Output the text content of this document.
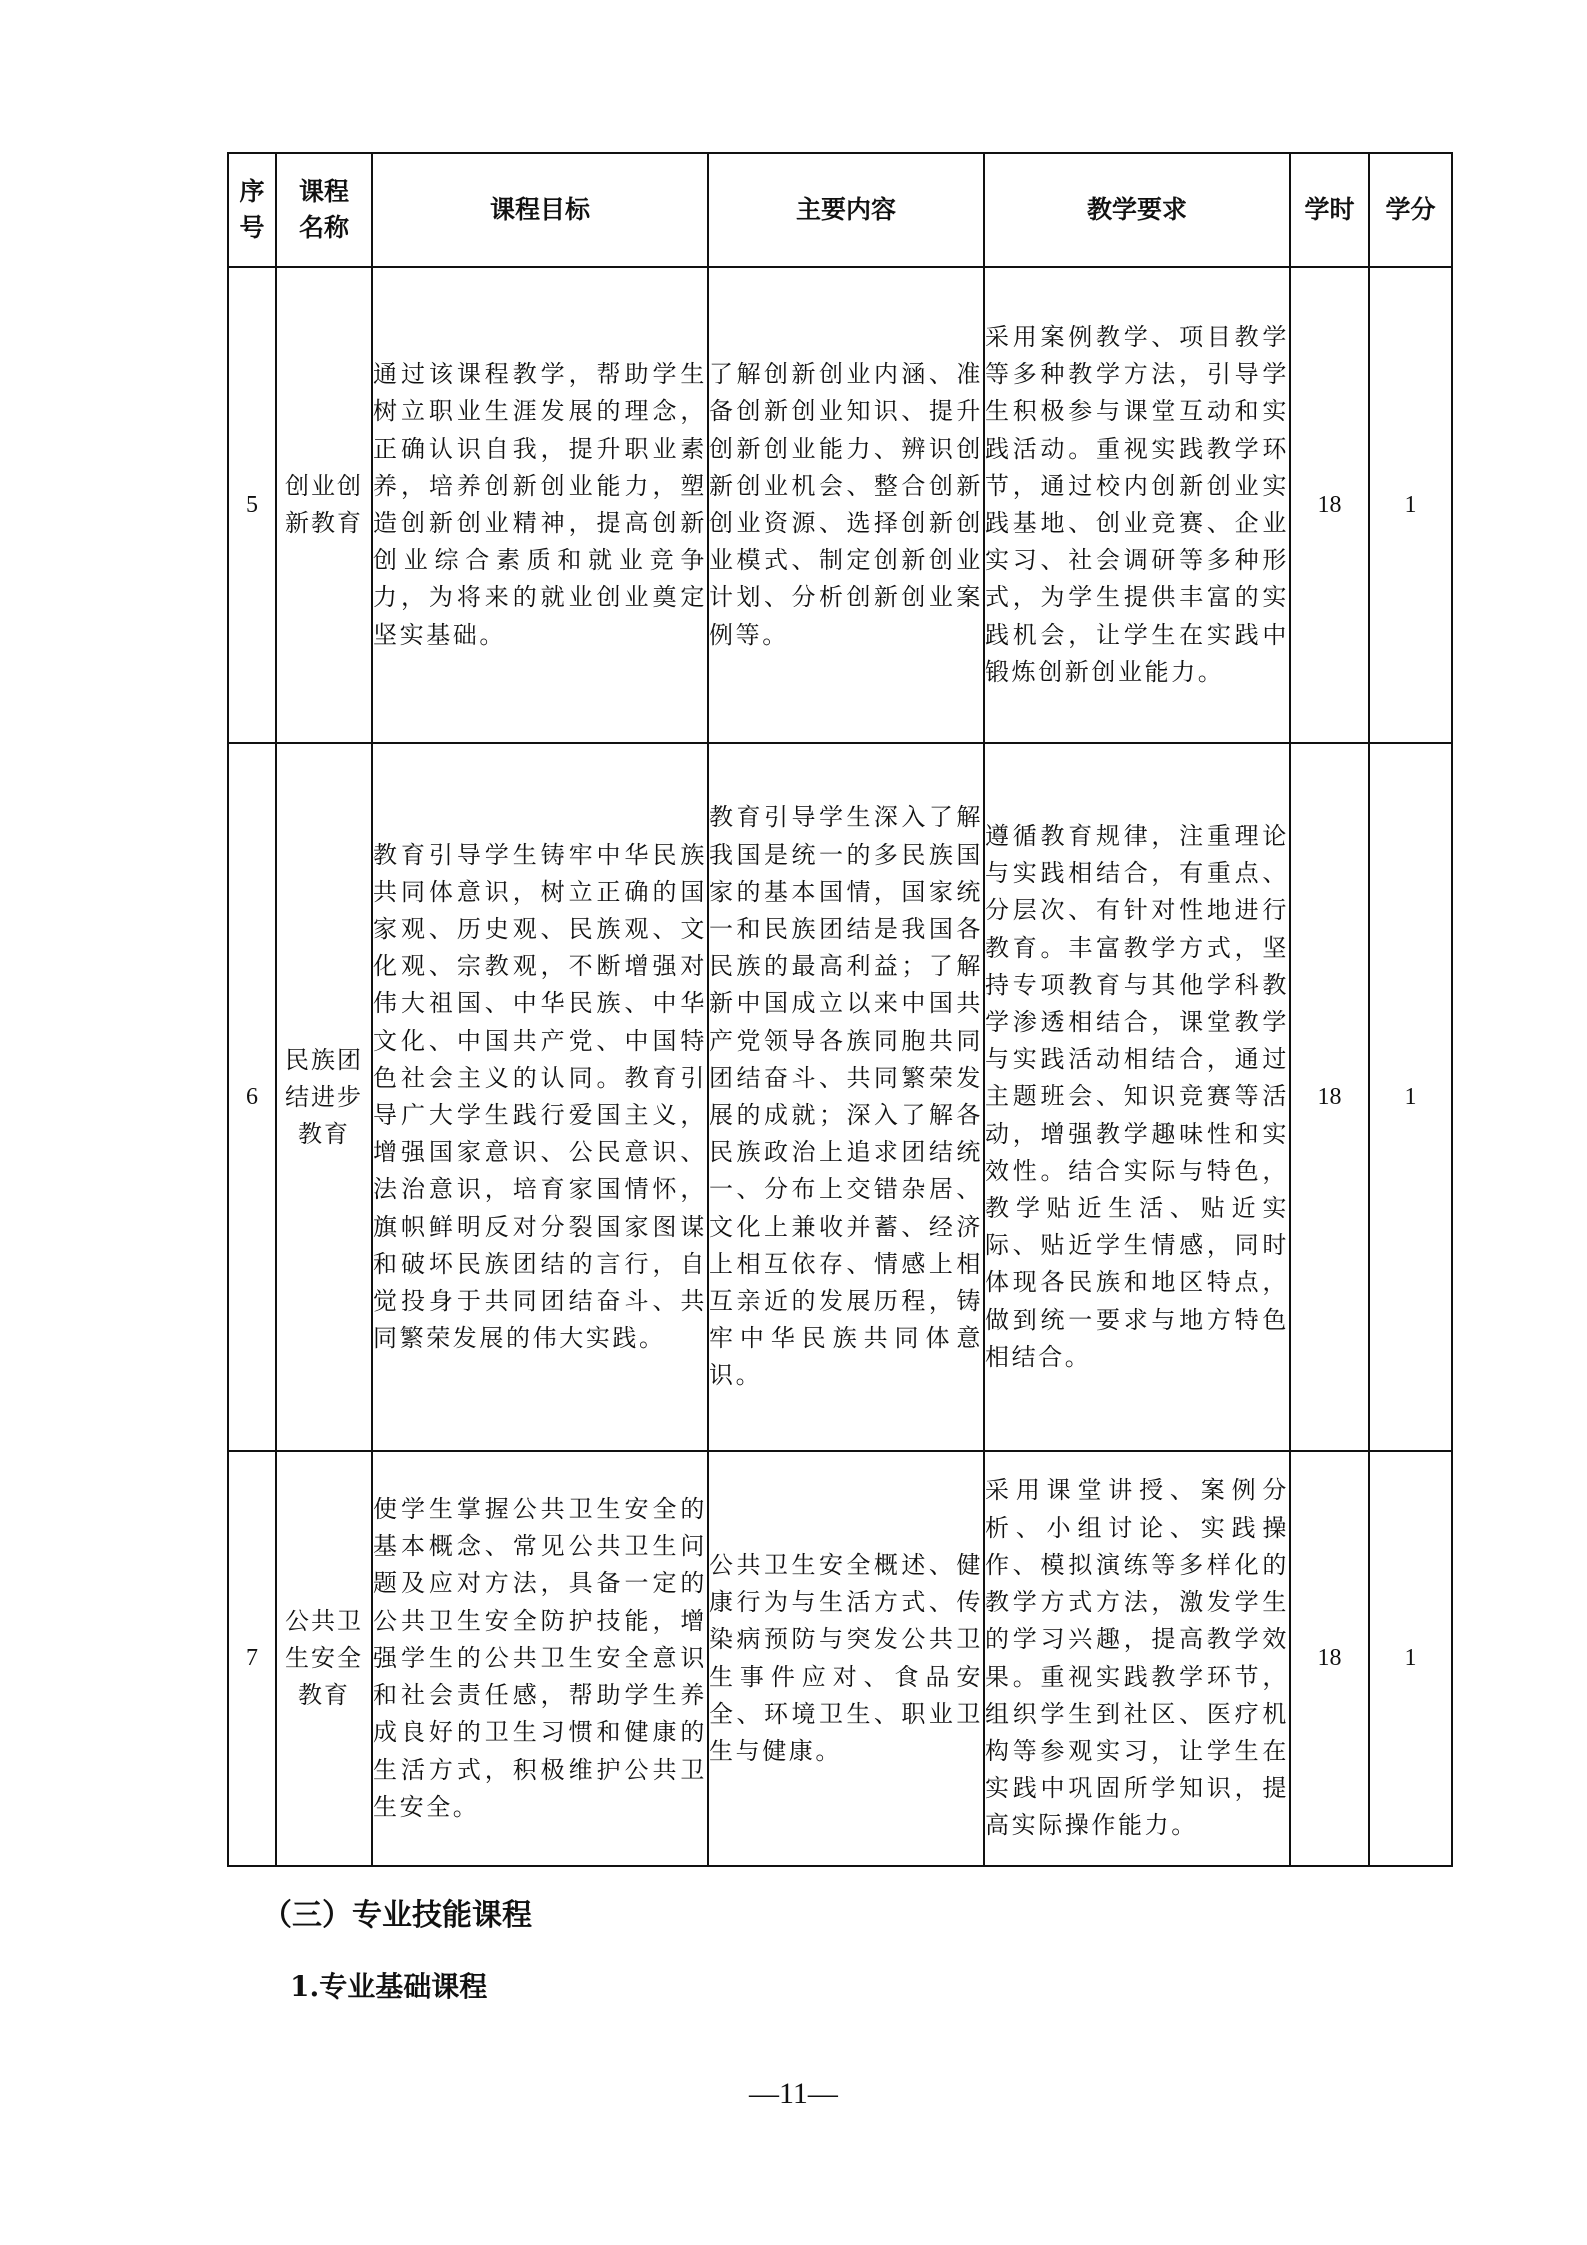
序号	课程名称	课程目标	主要内容	教学要求	学时	学分
5	创业创新教育	通过该课程教学，帮助学生树立职业生涯发展的理念，正确认识自我，提升职业素养，培养创新创业能力，塑造创新创业精神，提高创新创业综合素质和就业竞争力，为将来的就业创业奠定坚实基础。	了解创新创业内涵、准备创新创业知识、提升创新创业能力、辨识创新创业机会、整合创新创业资源、选择创新创业模式、制定创新创业计划、分析创新创业案例等。	采用案例教学、项目教学等多种教学方法，引导学生积极参与课堂互动和实践活动。重视实践教学环节，通过校内创新创业实践基地、创业竞赛、企业实习、社会调研等多种形式，为学生提供丰富的实践机会，让学生在实践中锻炼创新创业能力。	18	1
6	民族团结进步教育	教育引导学生铸牢中华民族共同体意识，树立正确的国家观、历史观、民族观、文化观、宗教观，不断增强对伟大祖国、中华民族、中华文化、中国共产党、中国特色社会主义的认同。教育引导广大学生践行爱国主义，增强国家意识、公民意识、法治意识，培育家国情怀，旗帜鲜明反对分裂国家图谋和破坏民族团结的言行，自觉投身于共同团结奋斗、共同繁荣发展的伟大实践。	教育引导学生深入了解我国是统一的多民族国家的基本国情，国家统一和民族团结是我国各民族的最高利益；了解新中国成立以来中国共产党领导各族同胞共同团结奋斗、共同繁荣发展的成就；深入了解各民族政治上追求团结统一、分布上交错杂居、文化上兼收并蓄、经济上相互依存、情感上相互亲近的发展历程，铸牢中华民族共同体意识。	遵循教育规律，注重理论与实践相结合，有重点、分层次、有针对性地进行教育。丰富教学方式，坚持专项教育与其他学科教学渗透相结合，课堂教学与实践活动相结合，通过主题班会、知识竞赛等活动，增强教学趣味性和实效性。结合实际与特色，教学贴近生活、贴近实际、贴近学生情感，同时体现各民族和地区特点，做到统一要求与地方特色相结合。	18	1
7	公共卫生安全教育	使学生掌握公共卫生安全的基本概念、常见公共卫生问题及应对方法，具备一定的公共卫生安全防护技能，增强学生的公共卫生安全意识和社会责任感，帮助学生养成良好的卫生习惯和健康的生活方式，积极维护公共卫生安全。	公共卫生安全概述、健康行为与生活方式、传染病预防与突发公共卫生事件应对、食品安全、环境卫生、职业卫生与健康。	采用课堂讲授、案例分析、小组讨论、实践操作、模拟演练等多样化的教学方式方法，激发学生的学习兴趣，提高教学效果。重视实践教学环节，组织学生到社区、医疗机构等参观实习，让学生在实践中巩固所学知识，提高实际操作能力。	18	1
（三）专业技能课程
1.专业基础课程
—11—
